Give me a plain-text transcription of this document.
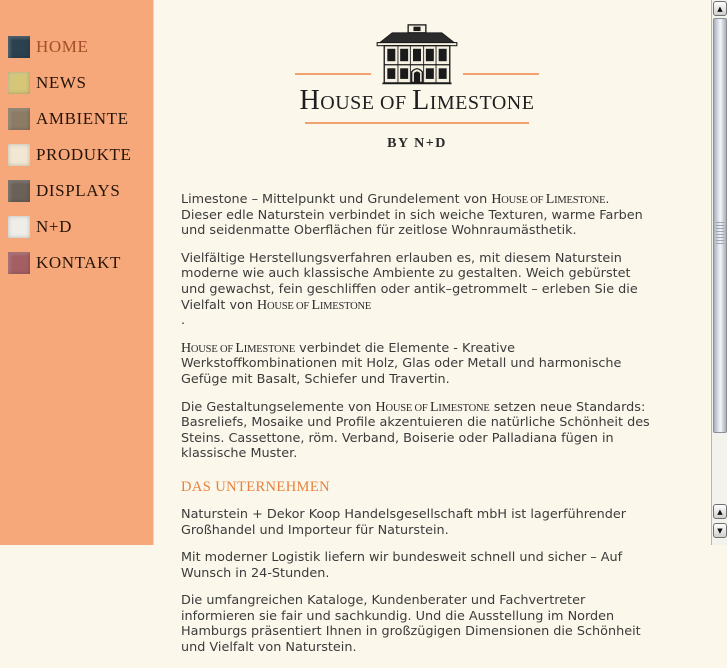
HOME
NEWS
AMBIENTE
PRODUKTE
DISPLAYS
N+D
KONTAKT
HOUSE OF LIMESTONE
BY N+D

Limestone – Mittelpunkt und Grundelement von HOUSE OF LIMESTONE. Dieser edle Naturstein verbindet in sich weiche Texturen, warme Farben und seidenmatte Oberflächen für zeitlose Wohnraumästhetik.

Vielfältige Herstellungsverfahren erlauben es, mit diesem Naturstein moderne wie auch klassische Ambiente zu gestalten. Weich gebürstet und gewachst, fein geschliffen oder antik–getrommelt – erleben Sie die Vielfalt von HOUSE OF LIMESTONE
.

HOUSE OF LIMESTONE verbindet die Elemente - Kreative Werkstoffkombinationen mit Holz, Glas oder Metall und harmonische Gefüge mit Basalt, Schiefer und Travertin.

Die Gestaltungselemente von HOUSE OF LIMESTONE setzen neue Standards: Basreliefs, Mosaike und Profile akzentuieren die natürliche Schönheit des Steins. Cassettone, röm. Verband, Boiserie oder Palladiana fügen in klassische Muster.

DAS UNTERNEHMEN

Naturstein + Dekor Koop Handelsgesellschaft mbH ist lagerführender Großhandel und Importeur für Naturstein.

Mit moderner Logistik liefern wir bundesweit schnell und sicher – Auf Wunsch in 24-Stunden.

Die umfangreichen Kataloge, Kundenberater und Fachvertreter informieren sie fair und sachkundig. Und die Ausstellung im Norden Hamburgs präsentiert Ihnen in großzügigen Dimensionen die Schönheit und Vielfalt von Naturstein.

▲
▲
▼
